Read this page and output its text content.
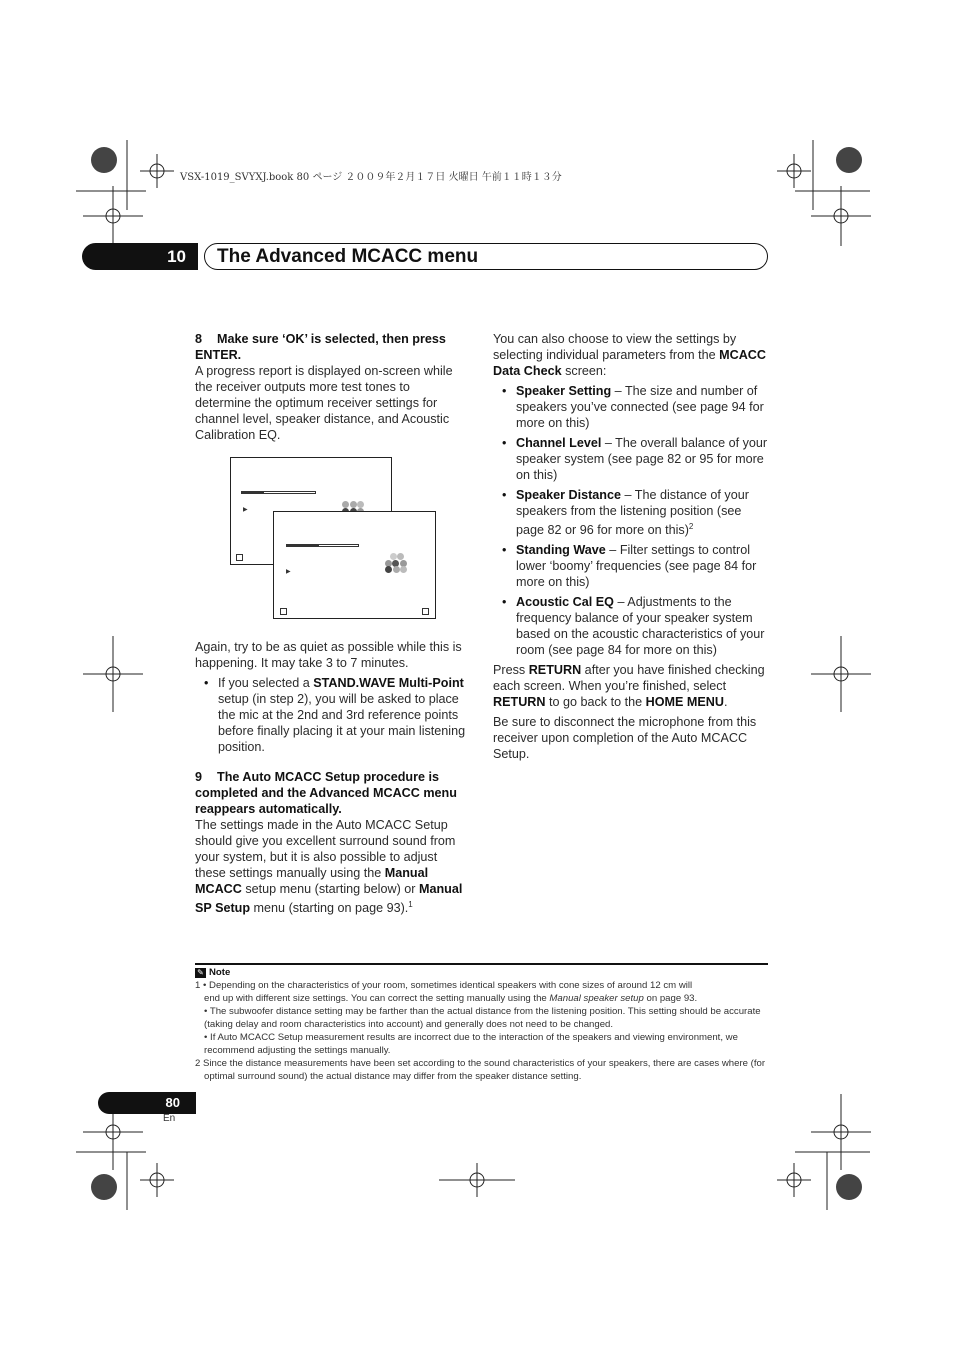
VSX-1019_SVYXJ.book 80 ページ ２００９年２月１７日 火曜日 午前１１時１３分
10	The Advanced MCACC menu

8 Make sure ‘OK’ is selected, then press ENTER.

A progress report is displayed on-screen while the receiver outputs more test tones to determine the optimum receiver settings for channel level, speaker distance, and Acoustic Calibration EQ.

▶
▶

Again, try to be as quiet as possible while this is happening. It may take 3 to 7 minutes.

• If you selected a STAND.WAVE Multi-Point setup (in step 2), you will be asked to place the mic at the 2nd and 3rd reference points before finally placing it at your main listening position.

9 The Auto MCACC Setup procedure is completed and the Advanced MCACC menu reappears automatically.

The settings made in the Auto MCACC Setup should give you excellent surround sound from your system, but it is also possible to adjust these settings manually using the Manual MCACC setup menu (starting below) or Manual SP Setup menu (starting on page 93).$^1$

You can also choose to view the settings by selecting individual parameters from the MCACC Data Check screen:

• Speaker Setting – The size and number of speakers you’ve connected (see page 94 for more on this)
• Channel Level – The overall balance of your speaker system (see page 82 or 95 for more on this)
• Speaker Distance – The distance of your speakers from the listening position (see page 82 or 96 for more on this)$^2$
• Standing Wave – Filter settings to control lower ‘boomy’ frequencies (see page 84 for more on this)
• Acoustic Cal EQ – Adjustments to the frequency balance of your speaker system based on the acoustic characteristics of your room (see page 84 for more on this)

Press RETURN after you have finished checking each screen. When you’re finished, select RETURN to go back to the HOME MENU.

Be sure to disconnect the microphone from this receiver upon completion of the Auto MCACC Setup.

✎ Note

1 • Depending on the characteristics of your room, sometimes identical speakers with cone sizes of around 12 cm will

end up with different size settings. You can correct the setting manually using the Manual speaker setup on page 93.

• The subwoofer distance setting may be farther than the actual distance from the listening position. This setting should be accurate (taking delay and room characteristics into account) and generally does not need to be changed.

• If Auto MCACC Setup measurement results are incorrect due to the interaction of the speakers and viewing environment, we recommend adjusting the settings manually.

2 Since the distance measurements have been set according to the sound characteristics of your speakers, there are cases where (for optimal surround sound) the actual distance may differ from the speaker distance setting.

80
En
